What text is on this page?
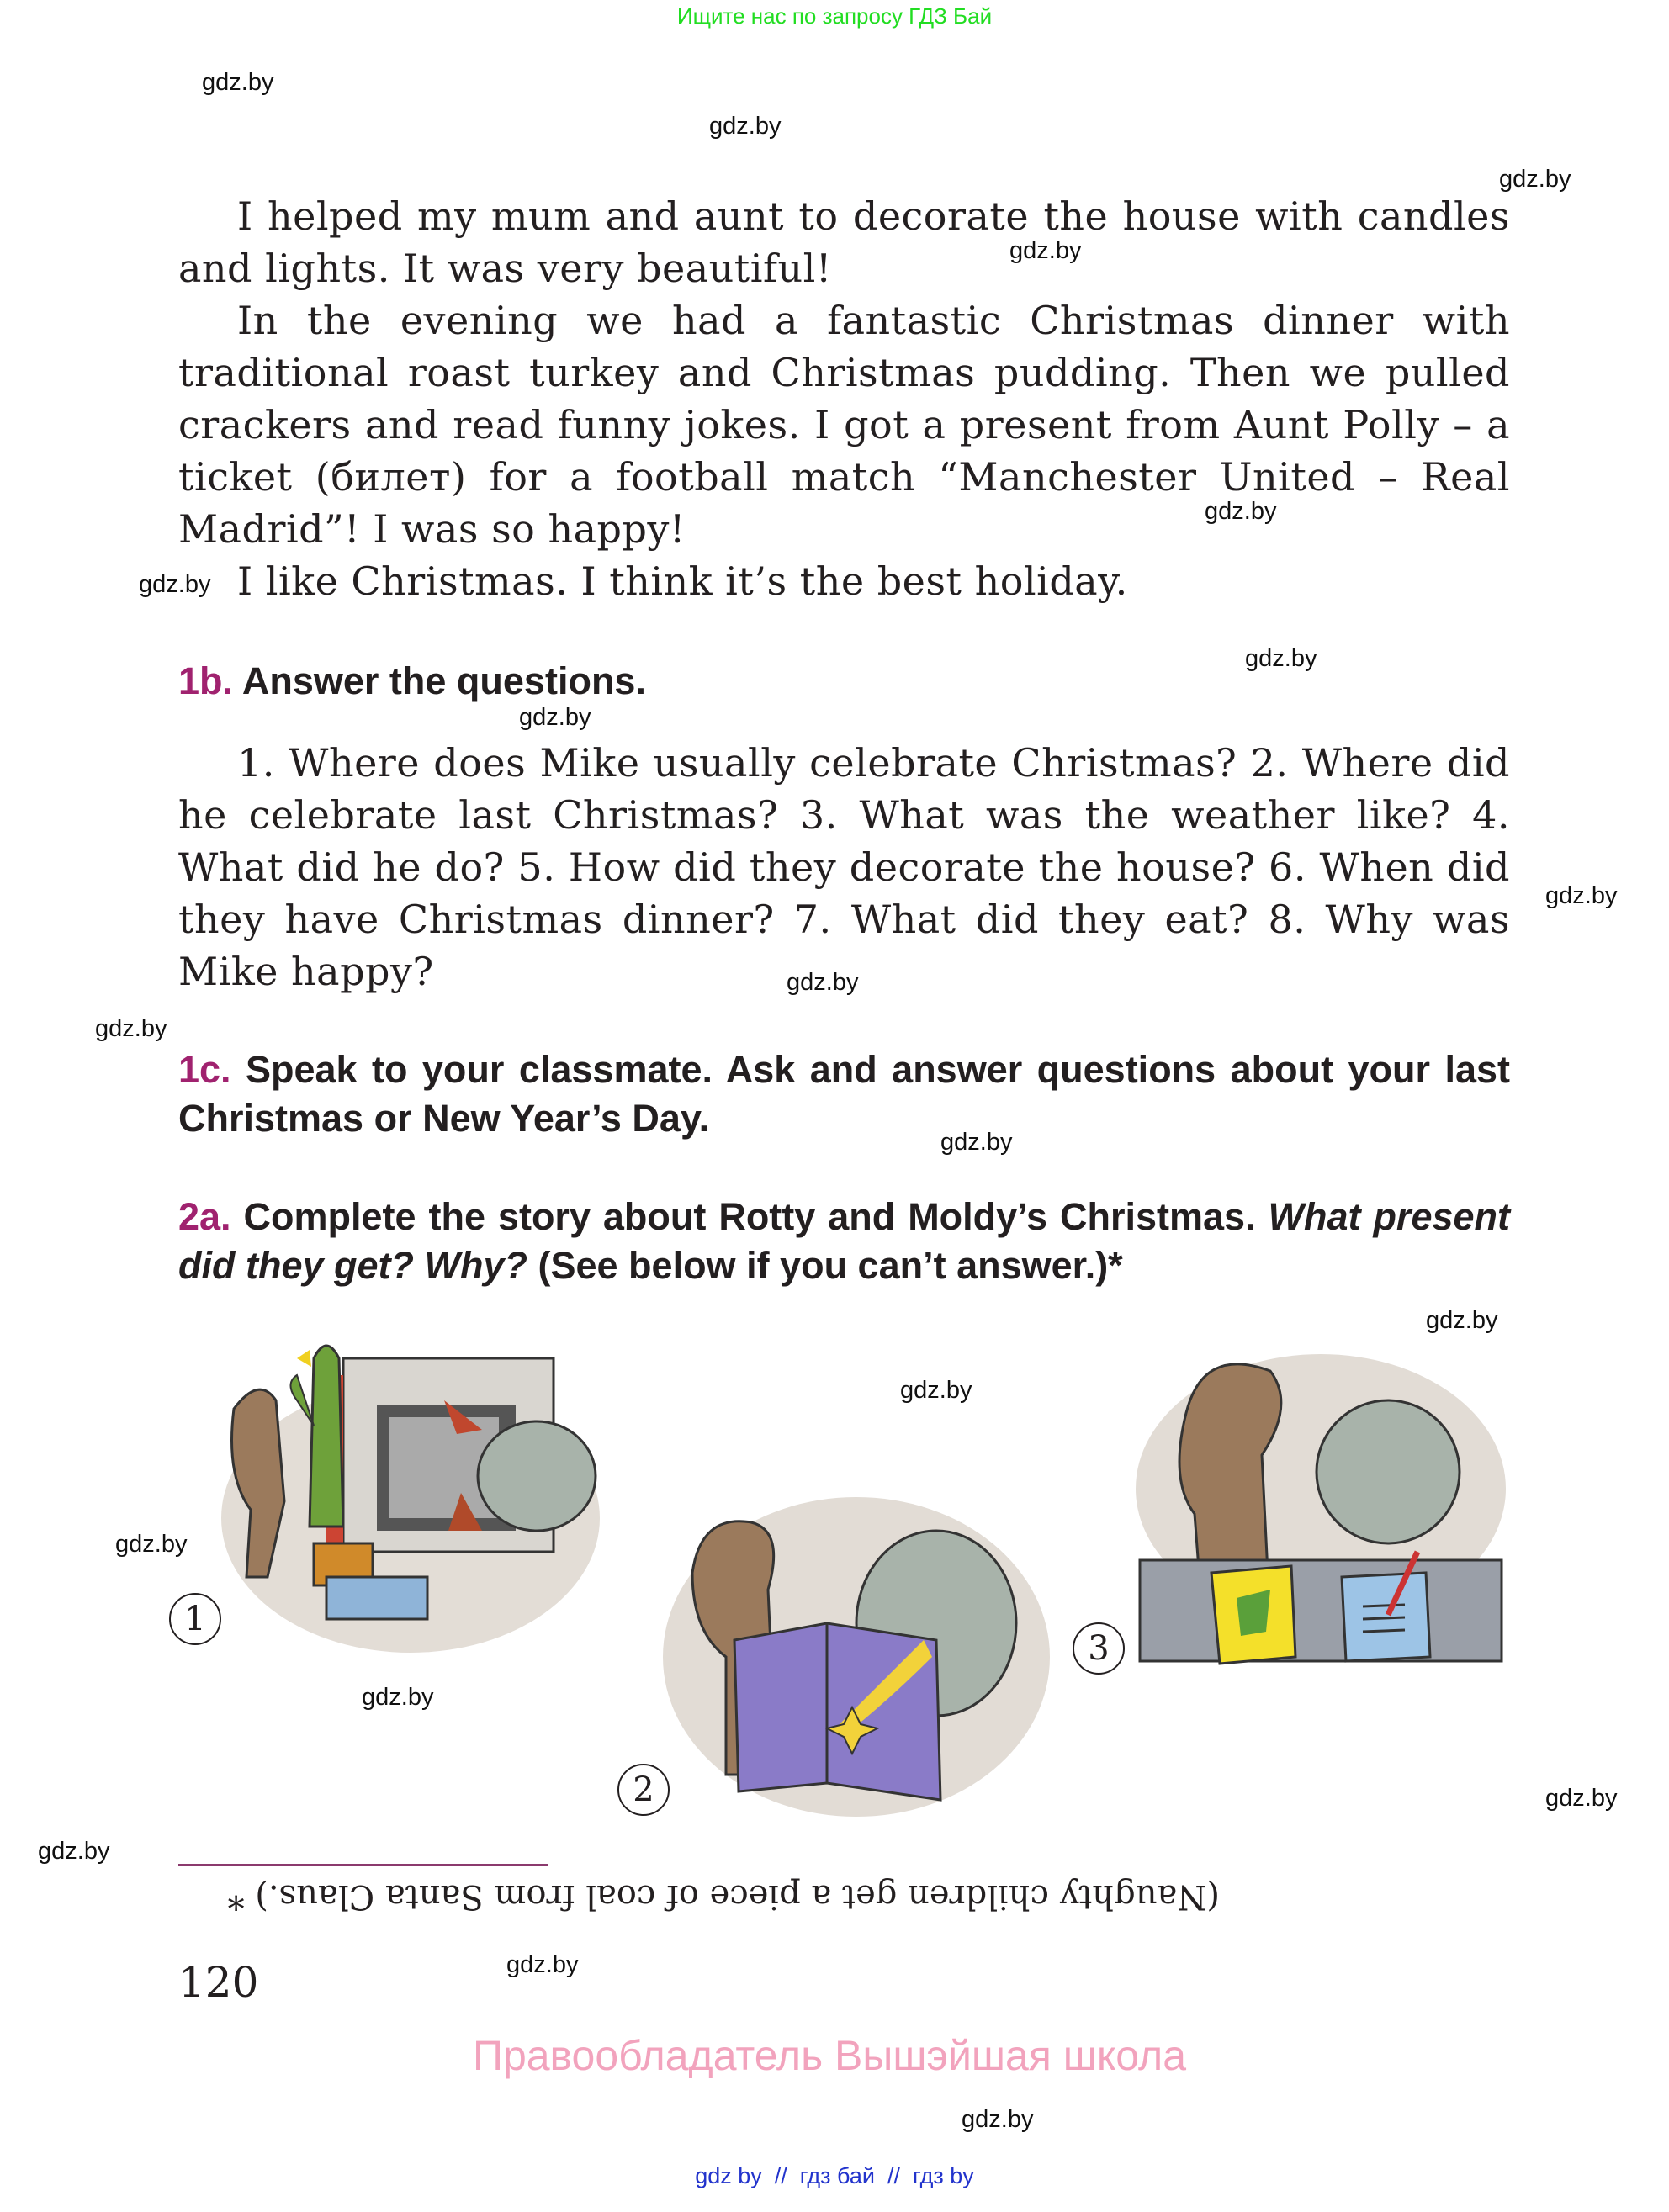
Ищите нас по запросу ГДЗ Бай
gdz.by
gdz.by
gdz.by
gdz.by
gdz.by
gdz.by
gdz.by
gdz.by
gdz.by
gdz.by
gdz.by
gdz.by
gdz.by
gdz.by
gdz.by
gdz.by
gdz.by
gdz.by
gdz.by
gdz.by
I helped my mum and aunt to decorate the house with candles and lights. It was very beautiful!
In the evening we had a fantastic Christmas dinner with traditional roast turkey and Christmas pudding. Then we pulled crackers and read funny jokes. I got a present from Aunt Polly – a ticket (билет) for a football match “Manchester United – Real Madrid”! I was so happy!
I like Christmas. I think it’s the best holiday.
1b. Answer the questions.
1. Where does Mike usually celebrate Christmas? 2. Where did he celebrate last Christmas? 3. What was the weather like? 4. What did he do? 5. How did they decorate the house? 6. When did they have Christmas dinner? 7. What did they eat? 8. Why was Mike happy?
1c. Speak to your classmate. Ask and answer questions about your last Christmas or New Year’s Day.
2a. Complete the story about Rotty and Moldy’s Christmas. What present did they get? Why? (See below if you can’t answer.)*
1
2
3
(Naughty children get a piece of coal from Santa Claus.) *
120
Правообладатель Вышэйшая школа
gdz by  //  гдз бай  //  гдз by
